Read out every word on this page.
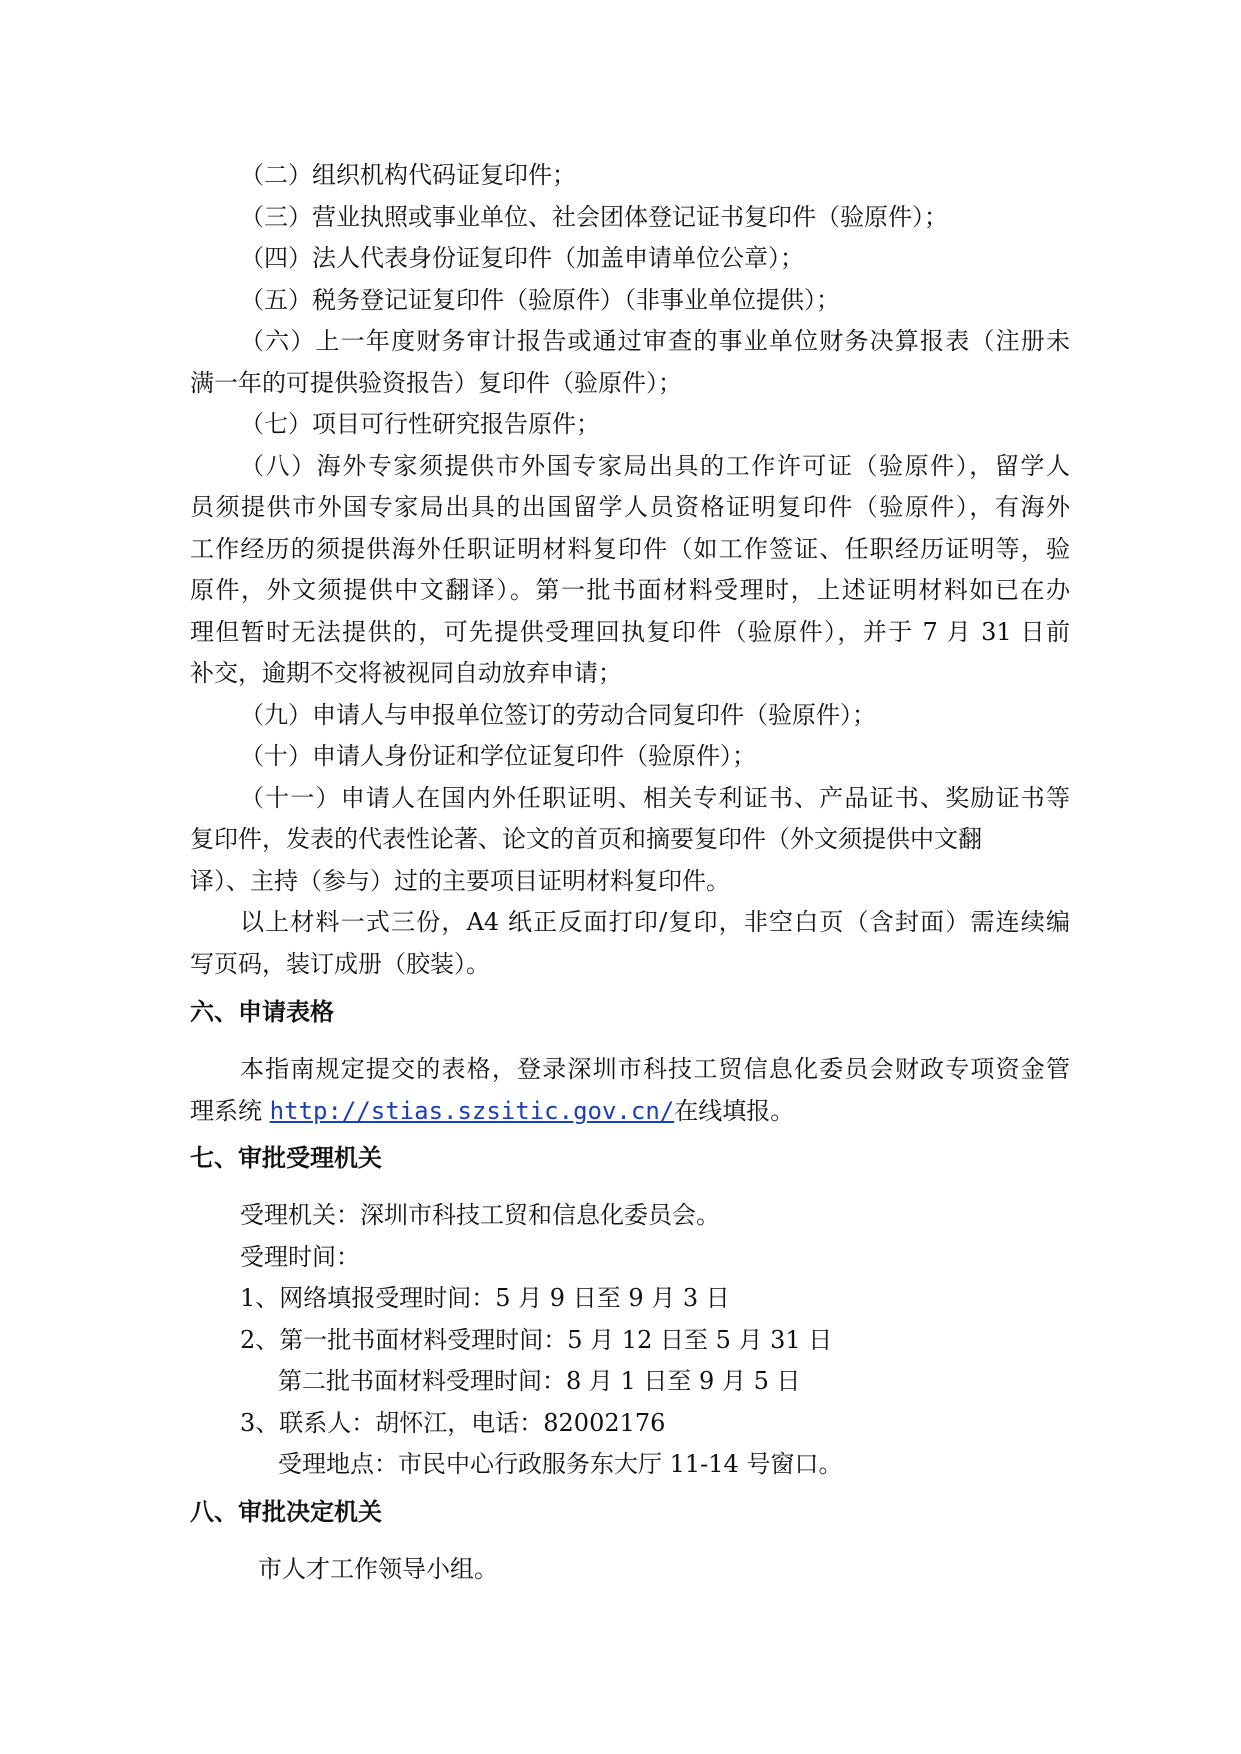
（二）组织机构代码证复印件；
（三）营业执照或事业单位、社会团体登记证书复印件（验原件）；
（四）法人代表身份证复印件（加盖申请单位公章）；
（五）税务登记证复印件（验原件）（非事业单位提供）；
（六）上一年度财务审计报告或通过审查的事业单位财务决算报表（注册未
满一年的可提供验资报告）复印件（验原件）；
（七）项目可行性研究报告原件；
（八）海外专家须提供市外国专家局出具的工作许可证（验原件），留学人
员须提供市外国专家局出具的出国留学人员资格证明复印件（验原件），有海外
工作经历的须提供海外任职证明材料复印件（如工作签证、任职经历证明等，验
原件，外文须提供中文翻译）。第一批书面材料受理时，上述证明材料如已在办
理但暂时无法提供的，可先提供受理回执复印件（验原件），并于 7 月 31 日前
补交，逾期不交将被视同自动放弃申请；
（九）申请人与申报单位签订的劳动合同复印件（验原件）；
（十）申请人身份证和学位证复印件（验原件）；
（十一）申请人在国内外任职证明、相关专利证书、产品证书、奖励证书等
复印件，发表的代表性论著、论文的首页和摘要复印件（外文须提供中文翻
译）、主持（参与）过的主要项目证明材料复印件。
以上材料一式三份，A4 纸正反面打印/复印，非空白页（含封面）需连续编
写页码，装订成册（胶装）。
六、申请表格
本指南规定提交的表格，登录深圳市科技工贸信息化委员会财政专项资金管
理系统 http://stias.szsitic.gov.cn/在线填报。
七、审批受理机关
受理机关：深圳市科技工贸和信息化委员会。
受理时间：
1、网络填报受理时间：5 月 9 日至 9 月 3 日
2、第一批书面材料受理时间：5 月 12 日至 5 月 31 日
第二批书面材料受理时间：8 月 1 日至 9 月 5 日
3、联系人：胡怀江，电话：82002176
受理地点：市民中心行政服务东大厅 11-14 号窗口。
八、审批决定机关
市人才工作领导小组。
